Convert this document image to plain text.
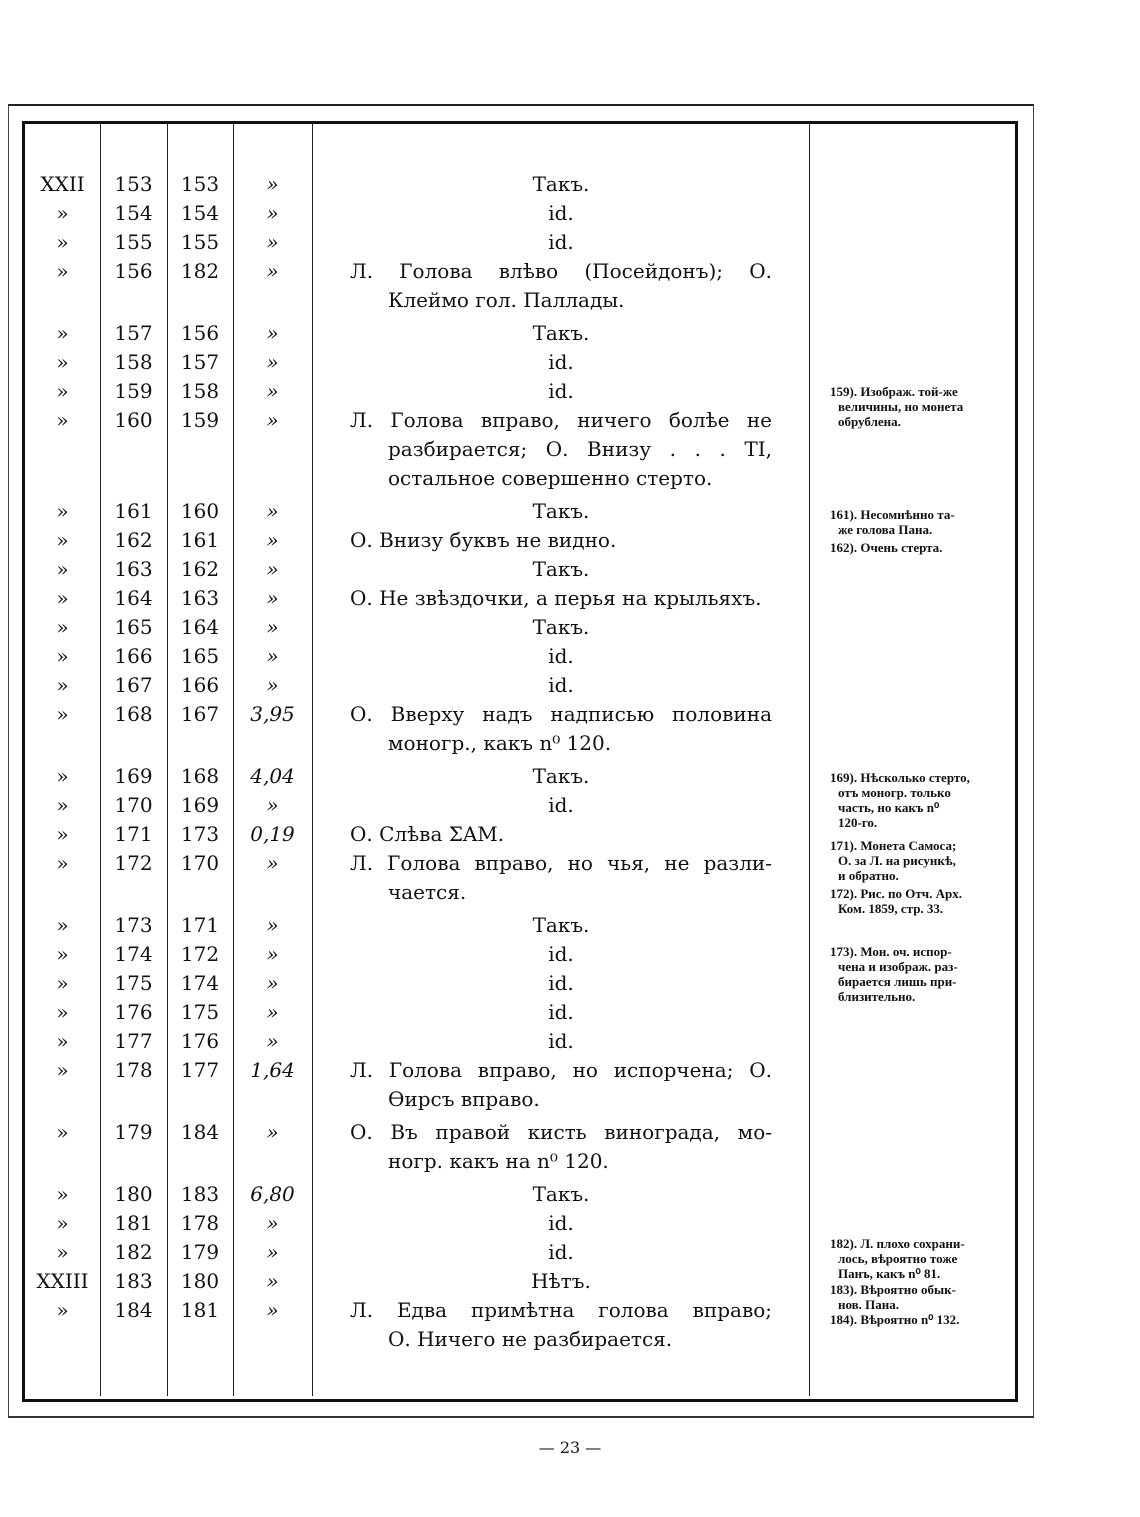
XXII	153	153	»	Такъ.
»	154	154	»	id.
»	155	155	»	id.
»	156	182	»	Л. Голова влѣво (Посейдонъ); О.
Клеймо гол. Паллады.
»	157	156	»	Такъ.
»	158	157	»	id.
»	159	158	»	id.
»	160	159	»	Л. Голова вправо, ничего болѣе не
разбирается; О. Внизу . . . ΤΙ,
остальное совершенно стерто.
»	161	160	»	Такъ.
»	162	161	»	О. Внизу буквъ не видно.
»	163	162	»	Такъ.
»	164	163	»	О. Не звѣздочки, а перья на крыльяхъ.
»	165	164	»	Такъ.
»	166	165	»	id.
»	167	166	»	id.
»	168	167	3,95	О. Вверху надъ надписью половина
моногр., какъ n⁰ 120.
»	169	168	4,04	Такъ.
»	170	169	»	id.
»	171	173	0,19	О. Слѣва ΣΑΜ.
»	172	170	»	Л. Голова вправо, но чья, не разли-
чается.
»	173	171	»	Такъ.
»	174	172	»	id.
»	175	174	»	id.
»	176	175	»	id.
»	177	176	»	id.
»	178	177	1,64	Л. Голова вправо, но испорчена; О.
Ѳирсъ вправо.
»	179	184	»	О. Въ правой кисть винограда, мо-
ногр. какъ на n⁰ 120.
»	180	183	6,80	Такъ.
»	181	178	»	id.
»	182	179	»	id.
XXIII	183	180	»	Нѣтъ.
»	184	181	»	Л. Едва примѣтна голова вправо;
О. Ничего не разбирается.
159). Изображ. той-же
величины, но монета
обрублена.
161). Несомнѣнно та-
же голова Пана.
162). Очень стерта.
169). Нѣсколько стерто,
отъ моногр. только
часть, но какъ n⁰
120-го.
171). Монета Самоса;
О. за Л. на рисункѣ,
и обратно.
172). Рис. по Отч. Арх.
Ком. 1859, стр. 33.
173). Мон. оч. испор-
чена и изображ. раз-
бирается лишь при-
близительно.
182). Л. плохо сохрани-
лось, вѣроятно тоже
Панъ, какъ n⁰ 81.
183). Вѣроятно обык-
нов. Пана.
184). Вѣроятно n⁰ 132.
— 23 —
